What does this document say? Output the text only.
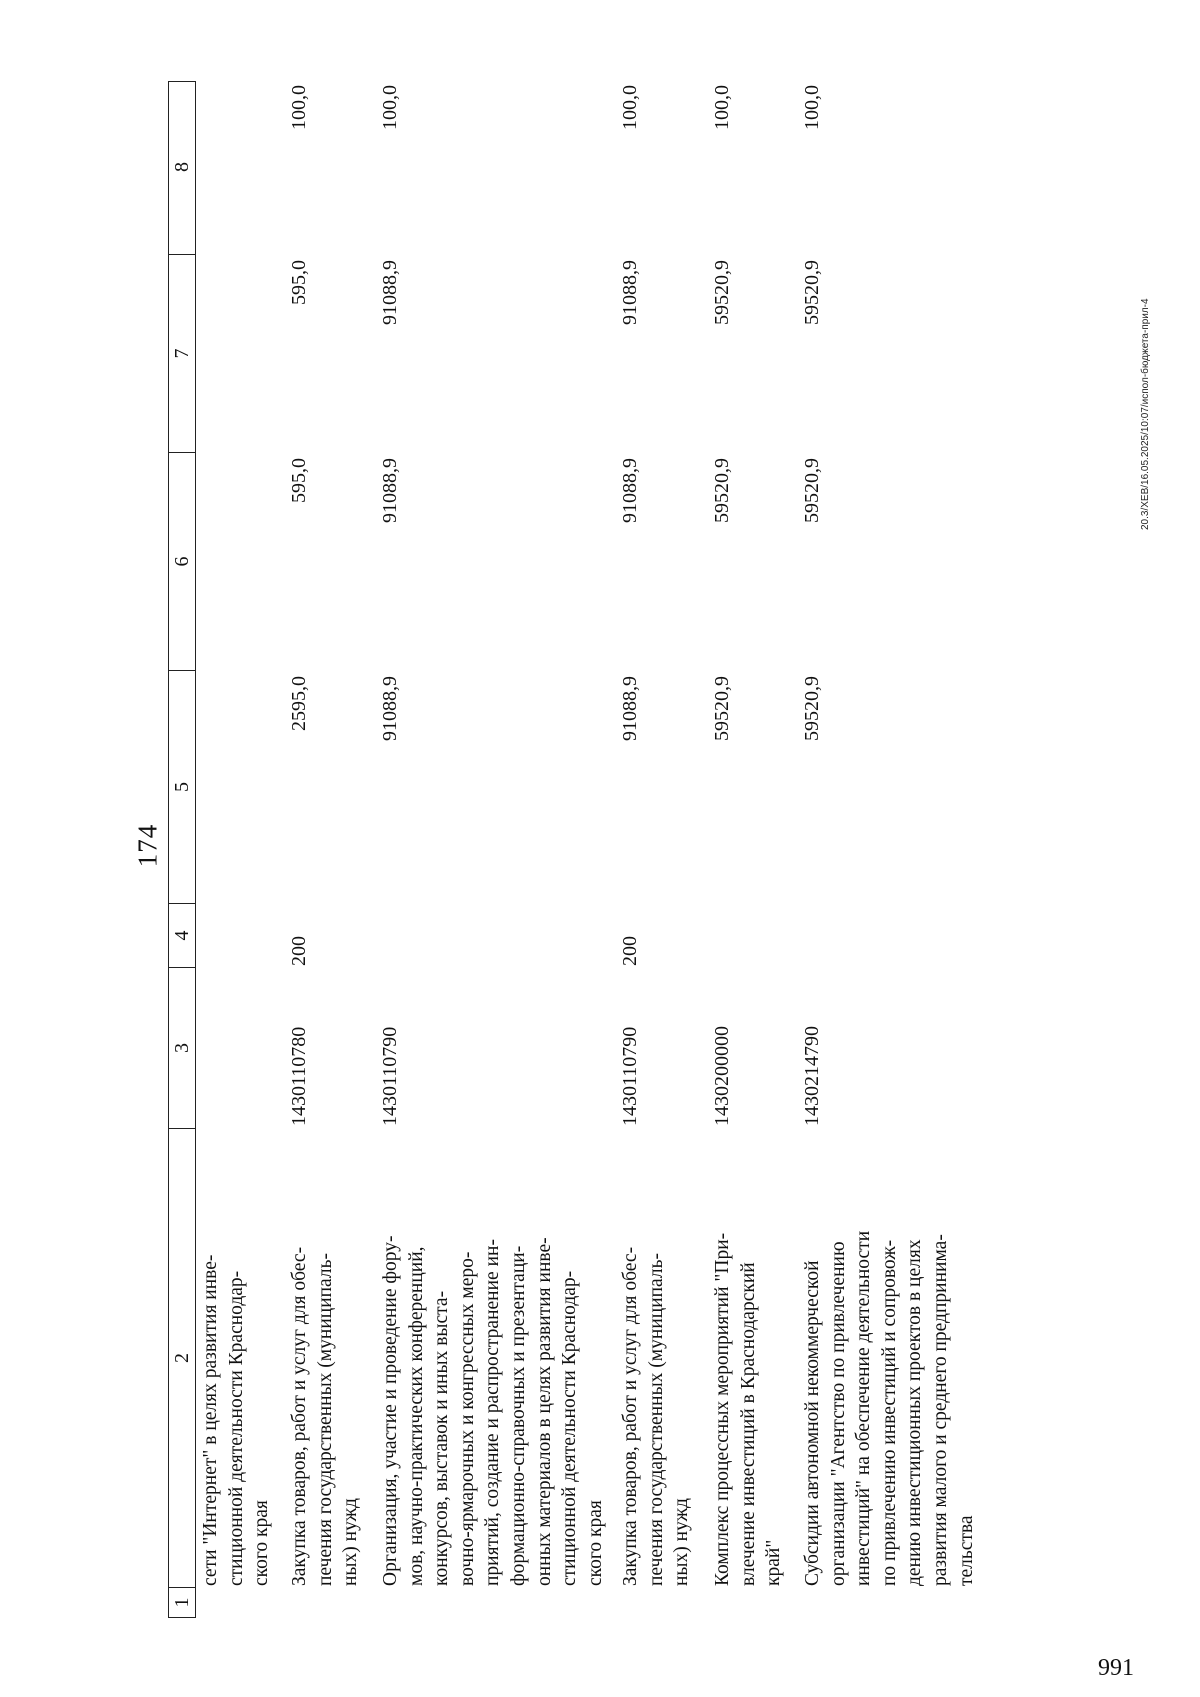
174
1
2
3
4
5
6
7
8
сети "Интернет" в целях развития инве- стиционной деятельности Краснодар- ского края Закупка товаров, работ и услуг для обес- печения государственных (муниципаль- ных) нужд
1430110780
200
2595,0
595,0
595,0
100,0
Организация, участие и проведение фору- мов, научно-практических конференций, конкурсов, выставок и иных выста- вочно-ярмарочных и конгрессных меро- приятий, создание и распространение ин- формационно-справочных и презентаци- онных материалов в целях развития инве- стиционной деятельности Краснодар- ского края
1430110790
91088,9
91088,9
91088,9
100,0
Закупка товаров, работ и услуг для обес- печения государственных (муниципаль- ных) нужд
1430110790
200
91088,9
91088,9
91088,9
100,0
Комплекс процессных мероприятий "При- влечение инвестиций в Краснодарский край"
1430200000
59520,9
59520,9
59520,9
100,0
Субсидии автономной некоммерческой организации "Агентство по привлечению инвестиций" на обеспечение деятельности по привлечению инвестиций и сопровож- дению инвестиционных проектов в целях развития малого и среднего предпринима- тельства
1430214790
59520,9
59520,9
59520,9
100,0
20.3/ХЕВ/16.05.2025/10:07/испол-бюджета-прил-4
991
